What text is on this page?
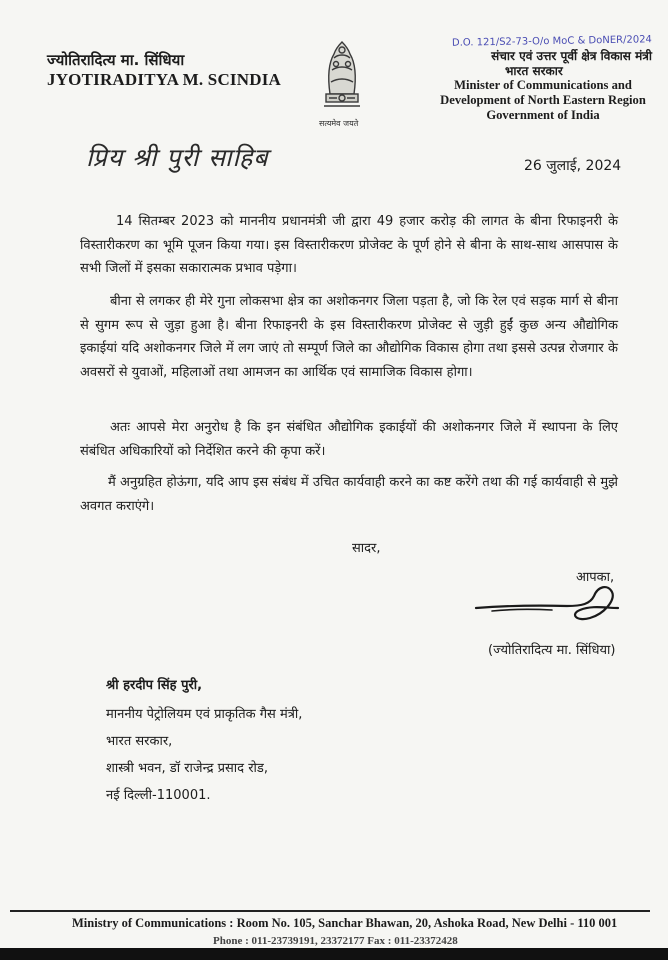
ज्योतिरादित्य मा. सिंधिया
JYOTIRADITYA M. SCINDIA
सत्यमेव जयते
संचार एवं उत्तर पूर्वी क्षेत्र विकास मंत्री
D.O. 121/S2-73-O/o MoC & DoNER/2024
भारत सरकार
Minister of Communications and
Development of North Eastern Region
Government of India
प्रिय श्री पुरी साहिब	26 जुलाई, 2024
14 सितम्बर 2023 को माननीय प्रधानमंत्री जी द्वारा 49 हजार करोड़ की लागत के बीना रिफाइनरी के विस्तारीकरण का भूमि पूजन किया गया। इस विस्तारीकरण प्रोजेक्ट के पूर्ण होने से बीना के साथ-साथ आसपास के सभी जिलों में इसका सकारात्मक प्रभाव पड़ेगा।
बीना से लगकर ही मेरे गुना लोकसभा क्षेत्र का अशोकनगर जिला पड़ता है, जो कि रेल एवं सड़क मार्ग से बीना से सुगम रूप से जुड़ा हुआ है। बीना रिफाइनरी के इस विस्तारीकरण प्रोजेक्ट से जुड़ी हुईं कुछ अन्य औद्योगिक इकाईयां यदि अशोकनगर जिले में लग जाएं तो सम्पूर्ण जिले का औद्योगिक विकास होगा तथा इससे उत्पन्न रोजगार के अवसरों से युवाओं, महिलाओं तथा आमजन का आर्थिक एवं सामाजिक विकास होगा।
अतः आपसे मेरा अनुरोध है कि इन संबंधित औद्योगिक इकाईयों की अशोकनगर जिले में स्थापना के लिए संबंधित अधिकारियों को निर्देशित करने की कृपा करें।
मैं अनुग्रहित होऊंगा, यदि आप इस संबंध में उचित कार्यवाही करने का कष्ट करेंगे तथा की गई कार्यवाही से मुझे अवगत कराएंगे।
सादर,
आपका,
(ज्योतिरादित्य मा. सिंधिया)
श्री हरदीप सिंह पुरी,
माननीय पेट्रोलियम एवं प्राकृतिक गैस मंत्री,
भारत सरकार,
शास्त्री भवन, डॉ राजेन्द्र प्रसाद रोड,
नई दिल्ली-110001.
Ministry of Communications : Room No. 105, Sanchar Bhawan, 20, Ashoka Road, New Delhi - 110 001
Phone : 011-23739191, 23372177 Fax : 011-23372428
